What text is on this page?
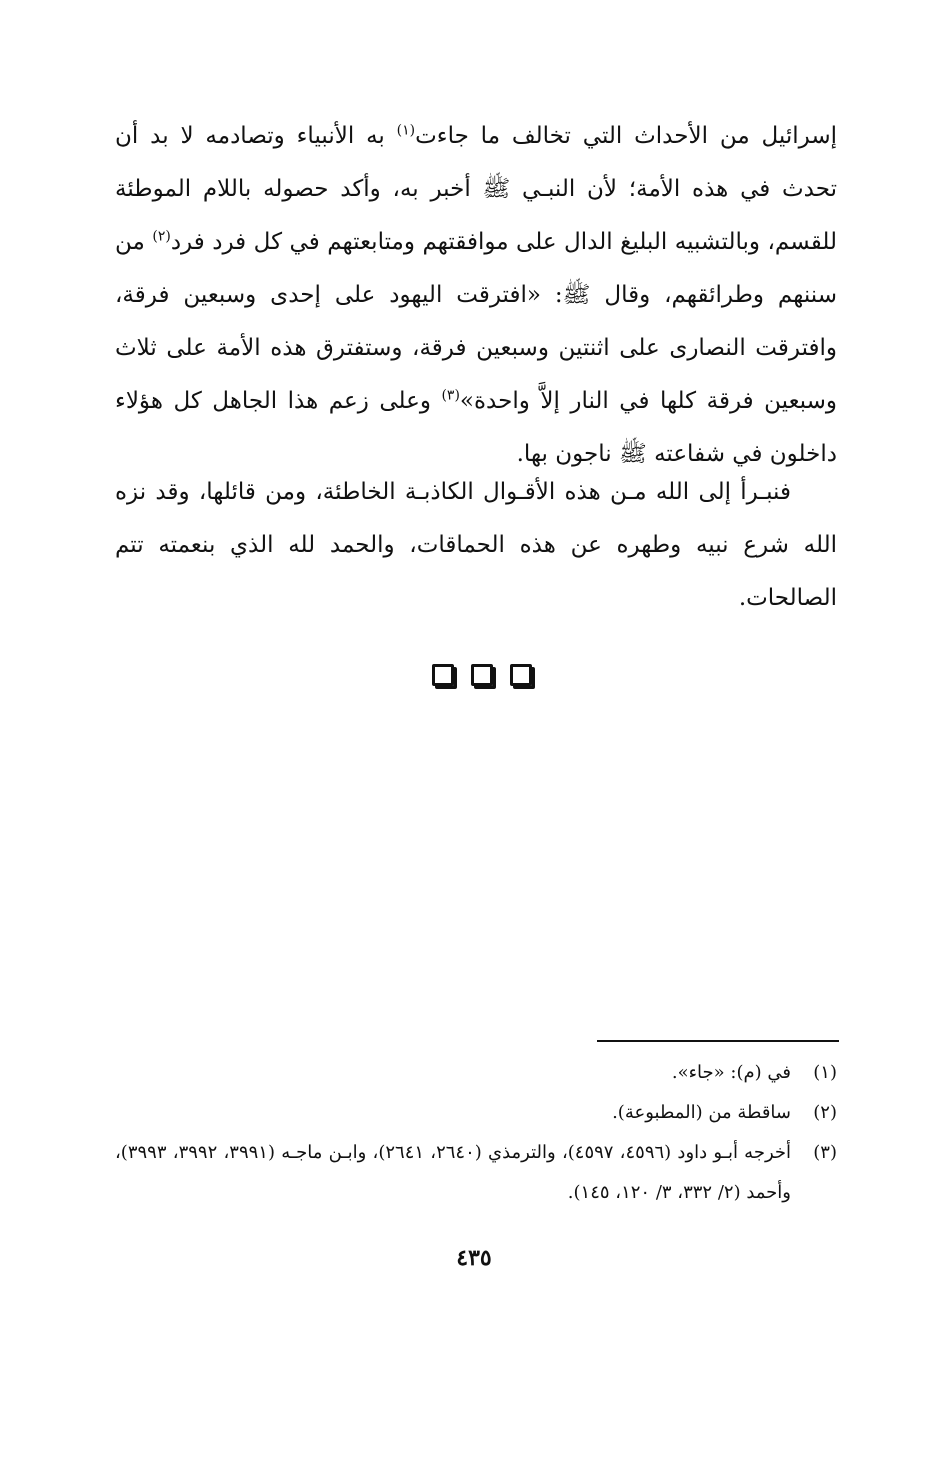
إسرائيل من الأحداث التي تخالف ما جاءت$^{(١)}$ به الأنبياء وتصادمه لا بد أن تحدث في هذه الأمة؛ لأن النبـي ﷺ أخبر به، وأكد حصوله باللام الموطئة للقسم، وبالتشبيه البليغ الدال على موافقتهم ومتابعتهم في كل فرد فرد$^{(٢)}$ من سننهم وطرائقهم، وقال ﷺ: «افترقت اليهود على إحدى وسبعين فرقة، وافترقت النصارى على اثنتين وسبعين فرقة، وستفترق هذه الأمة على ثلاث وسبعين فرقة كلها في النار إلاَّ واحدة»$^{(٣)}$ وعلى زعم هذا الجاهل كل هؤلاء داخلون في شفاعته ﷺ ناجون بها.

فنبـرأ إلى الله مـن هذه الأقـوال الكاذبـة الخاطئة، ومن قائلها، وقد نزه الله شرع نبيه وطهره عن هذه الحماقات، والحمد لله الذي بنعمته تتم الصالحات.

(١)
في (م): «جاء».
(٢)
ساقطة من (المطبوعة).
(٣)
أخرجه أبـو داود (٤٥٩٦، ٤٥٩٧)، والترمذي (٢٦٤٠، ٢٦٤١)، وابـن ماجـه (٣٩٩١، ٣٩٩٢، ٣٩٩٣)، وأحمد (٢/ ٣٣٢، ٣/ ١٢٠، ١٤٥).
٤٣٥
